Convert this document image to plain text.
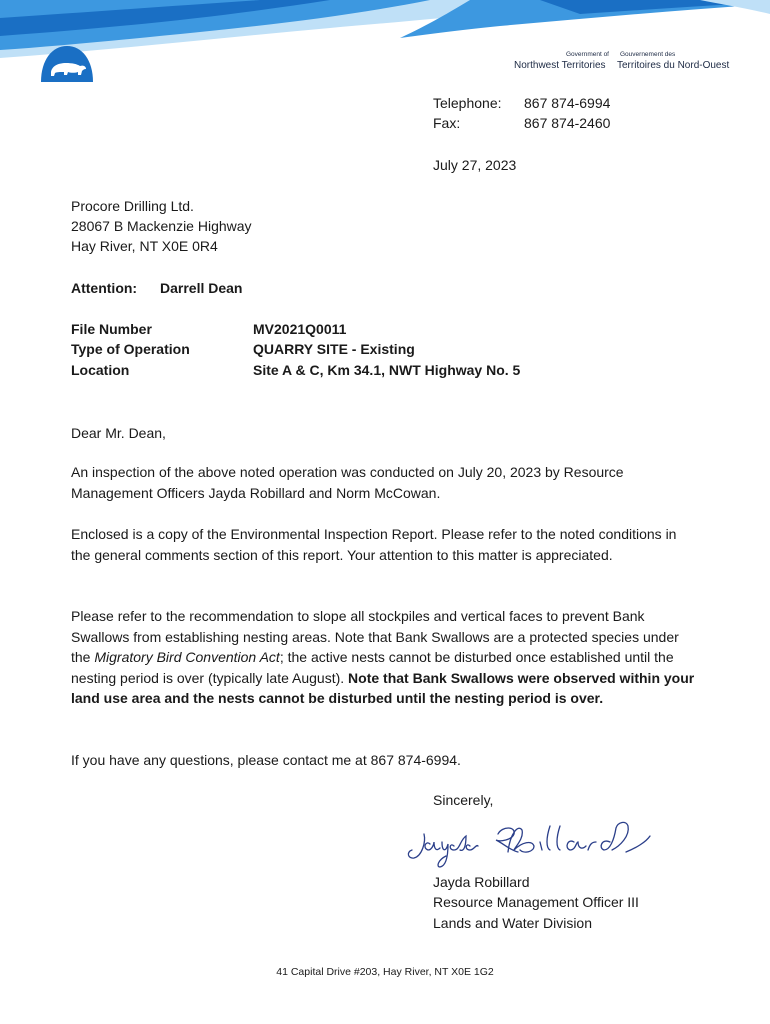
Government of Gouvernement des
Northwest Territories Territoires du Nord-Ouest
Telephone: 867 874-6994
Fax:	867 874-2460
July 27, 2023
Procore Drilling Ltd.
28067 B Mackenzie Highway
Hay River, NT X0E 0R4
Attention: Darrell Dean
File Number	MV2021Q0011
Type of Operation	QUARRY SITE - Existing
Location	Site A & C, Km 34.1, NWT Highway No. 5
Dear Mr. Dean,
An inspection of the above noted operation was conducted on July 20, 2023 by Resource Management Officers Jayda Robillard and Norm McCowan.
Enclosed is a copy of the Environmental Inspection Report. Please refer to the noted conditions in the general comments section of this report. Your attention to this matter is appreciated.
Please refer to the recommendation to slope all stockpiles and vertical faces to prevent Bank Swallows from establishing nesting areas. Note that Bank Swallows are a protected species under the Migratory Bird Convention Act; the active nests cannot be disturbed once established until the nesting period is over (typically late August). Note that Bank Swallows were observed within your land use area and the nests cannot be disturbed until the nesting period is over.
If you have any questions, please contact me at 867 874-6994.
Sincerely,
Jayda Robillard
Resource Management Officer III
Lands and Water Division
41 Capital Drive #203, Hay River, NT X0E 1G2
